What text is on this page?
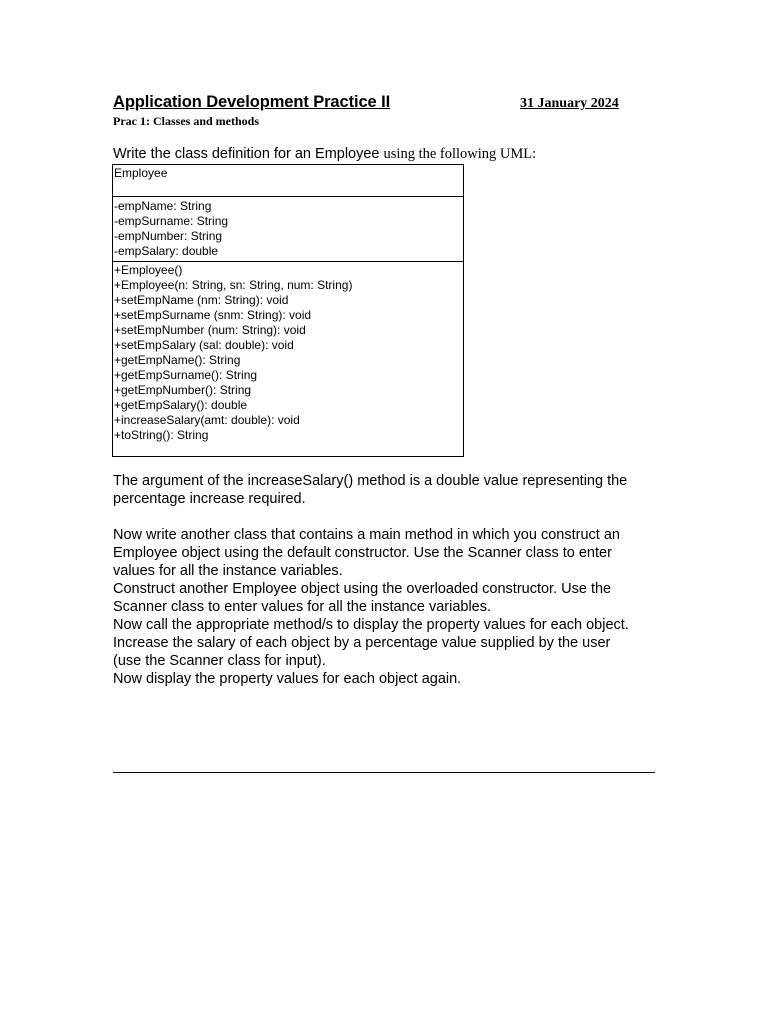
Application Development Practice II	31 January 2024
Prac 1: Classes and methods
Write the class definition for an Employee using the following UML:
Employee
-empName: String
-empSurname: String
-empNumber: String
-empSalary: double
+Employee()
+Employee(n: String, sn: String, num: String)
+setEmpName (nm: String): void
+setEmpSurname (snm: String): void
+setEmpNumber (num: String): void
+setEmpSalary (sal: double): void
+getEmpName(): String
+getEmpSurname(): String
+getEmpNumber(): String
+getEmpSalary(): double
+increaseSalary(amt: double): void
+toString(): String
The argument of the increaseSalary() method is a double value representing the percentage increase required.
Now write another class that contains a main method in which you construct an
Employee object using the default constructor. Use the Scanner class to enter
values for all the instance variables.
Construct another Employee object using the overloaded constructor. Use the
Scanner class to enter values for all the instance variables.
Now call the appropriate method/s to display the property values for each object.
Increase the salary of each object by a percentage value supplied by the user
(use the Scanner class for input).
Now display the property values for each object again.
